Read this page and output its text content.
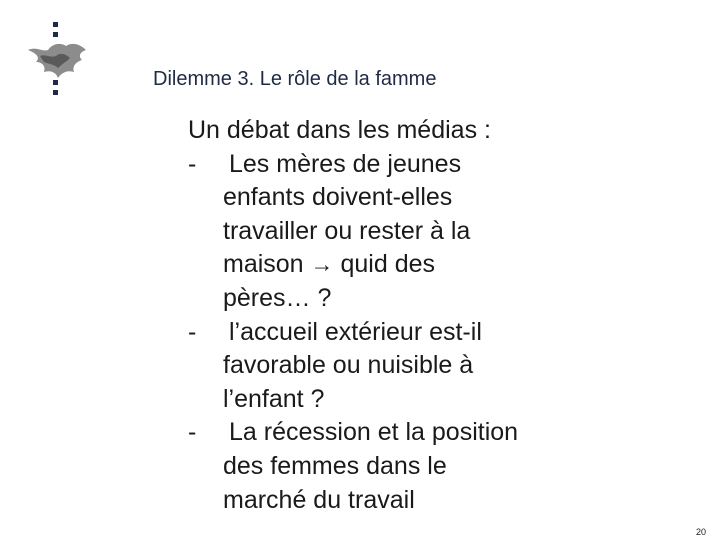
Dilemme 3. Le rôle de la famme
Un débat dans les médias :
- Les mères de jeunes enfants doivent-elles travailler ou rester à la maison → quid des pères… ?
- l’accueil extérieur est-il favorable ou nuisible à l’enfant ?
- La récession et la position des femmes dans le marché du travail
20
